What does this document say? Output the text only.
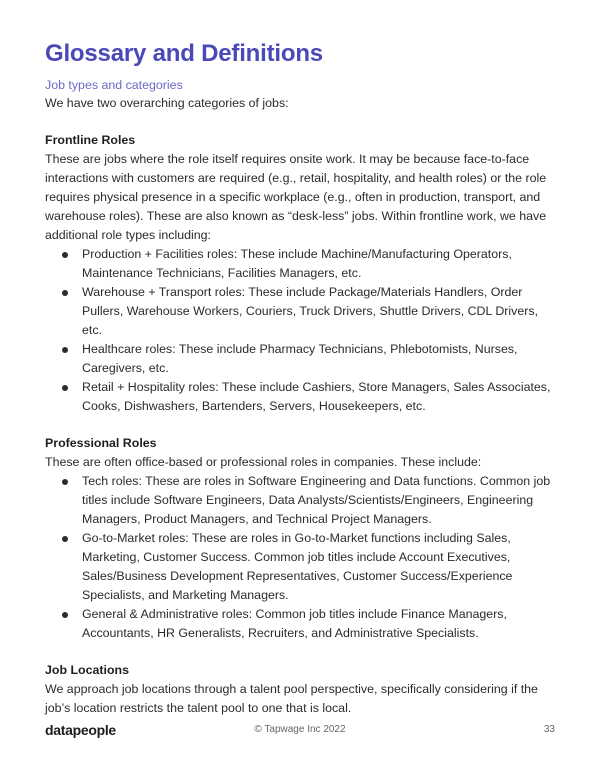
Glossary and Definitions
Job types and categories
We have two overarching categories of jobs:
Frontline Roles
These are jobs where the role itself requires onsite work. It may be because face-to-face interactions with customers are required (e.g., retail, hospitality, and health roles) or the role requires physical presence in a specific workplace (e.g., often in production, transport, and warehouse roles). These are also known as “desk-less” jobs. Within frontline work, we have additional role types including:
Production + Facilities roles: These include Machine/Manufacturing Operators, Maintenance Technicians, Facilities Managers, etc.
Warehouse + Transport roles: These include Package/Materials Handlers, Order Pullers, Warehouse Workers, Couriers, Truck Drivers, Shuttle Drivers, CDL Drivers, etc.
Healthcare roles: These include Pharmacy Technicians, Phlebotomists, Nurses, Caregivers, etc.
Retail + Hospitality roles: These include Cashiers, Store Managers, Sales Associates, Cooks, Dishwashers, Bartenders, Servers, Housekeepers, etc.
Professional Roles
These are often office-based or professional roles in companies. These include:
Tech roles: These are roles in Software Engineering and Data functions. Common job titles include Software Engineers, Data Analysts/Scientists/Engineers, Engineering Managers, Product Managers, and Technical Project Managers.
Go-to-Market roles: These are roles in Go-to-Market functions including Sales, Marketing, Customer Success. Common job titles include Account Executives, Sales/Business Development Representatives, Customer Success/Experience Specialists, and Marketing Managers.
General & Administrative roles: Common job titles include Finance Managers, Accountants, HR Generalists, Recruiters, and Administrative Specialists.
Job Locations
We approach job locations through a talent pool perspective, specifically considering if the job’s location restricts the talent pool to one that is local.
datapeople	© Tapwage Inc 2022	33
